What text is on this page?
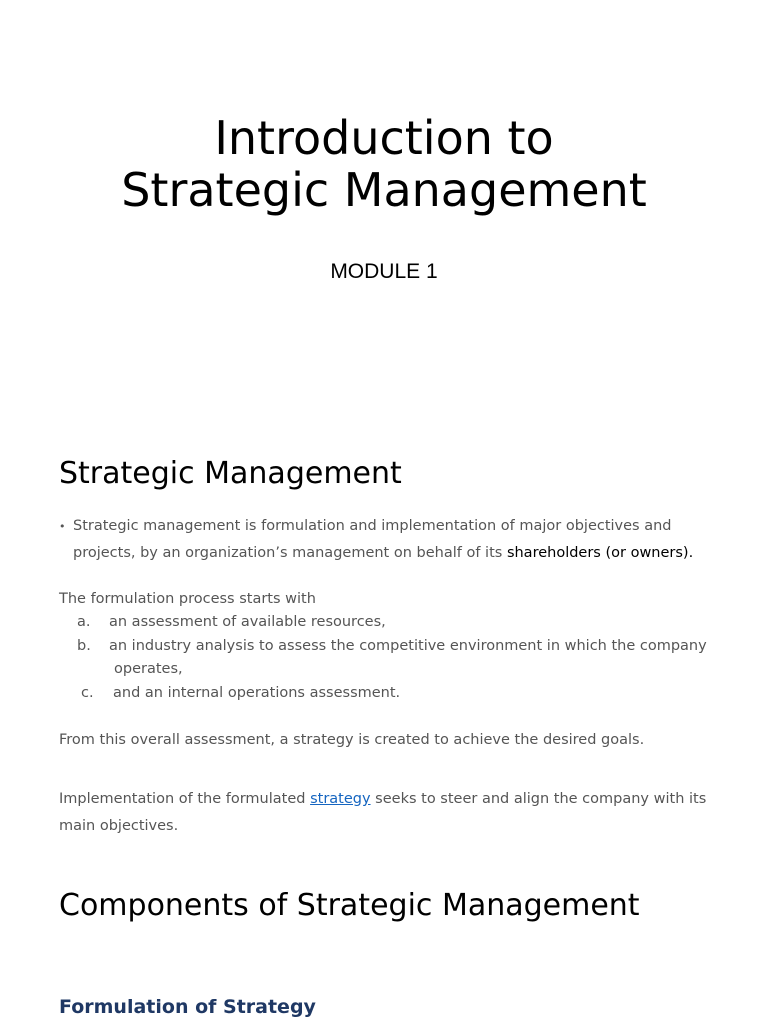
Introduction to
Strategic Management
MODULE 1
Strategic Management
• Strategic management is formulation and implementation of major objectives and projects, by an organization’s management on behalf of its shareholders (or owners).
The formulation process starts with
a. an assessment of available resources,
b. an industry analysis to assess the competitive environment in which the company
operates,
c. and an internal operations assessment.
From this overall assessment, a strategy is created to achieve the desired goals.
Implementation of the formulated strategy seeks to steer and align the company with its main objectives.
Components of Strategic Management
Formulation of Strategy
